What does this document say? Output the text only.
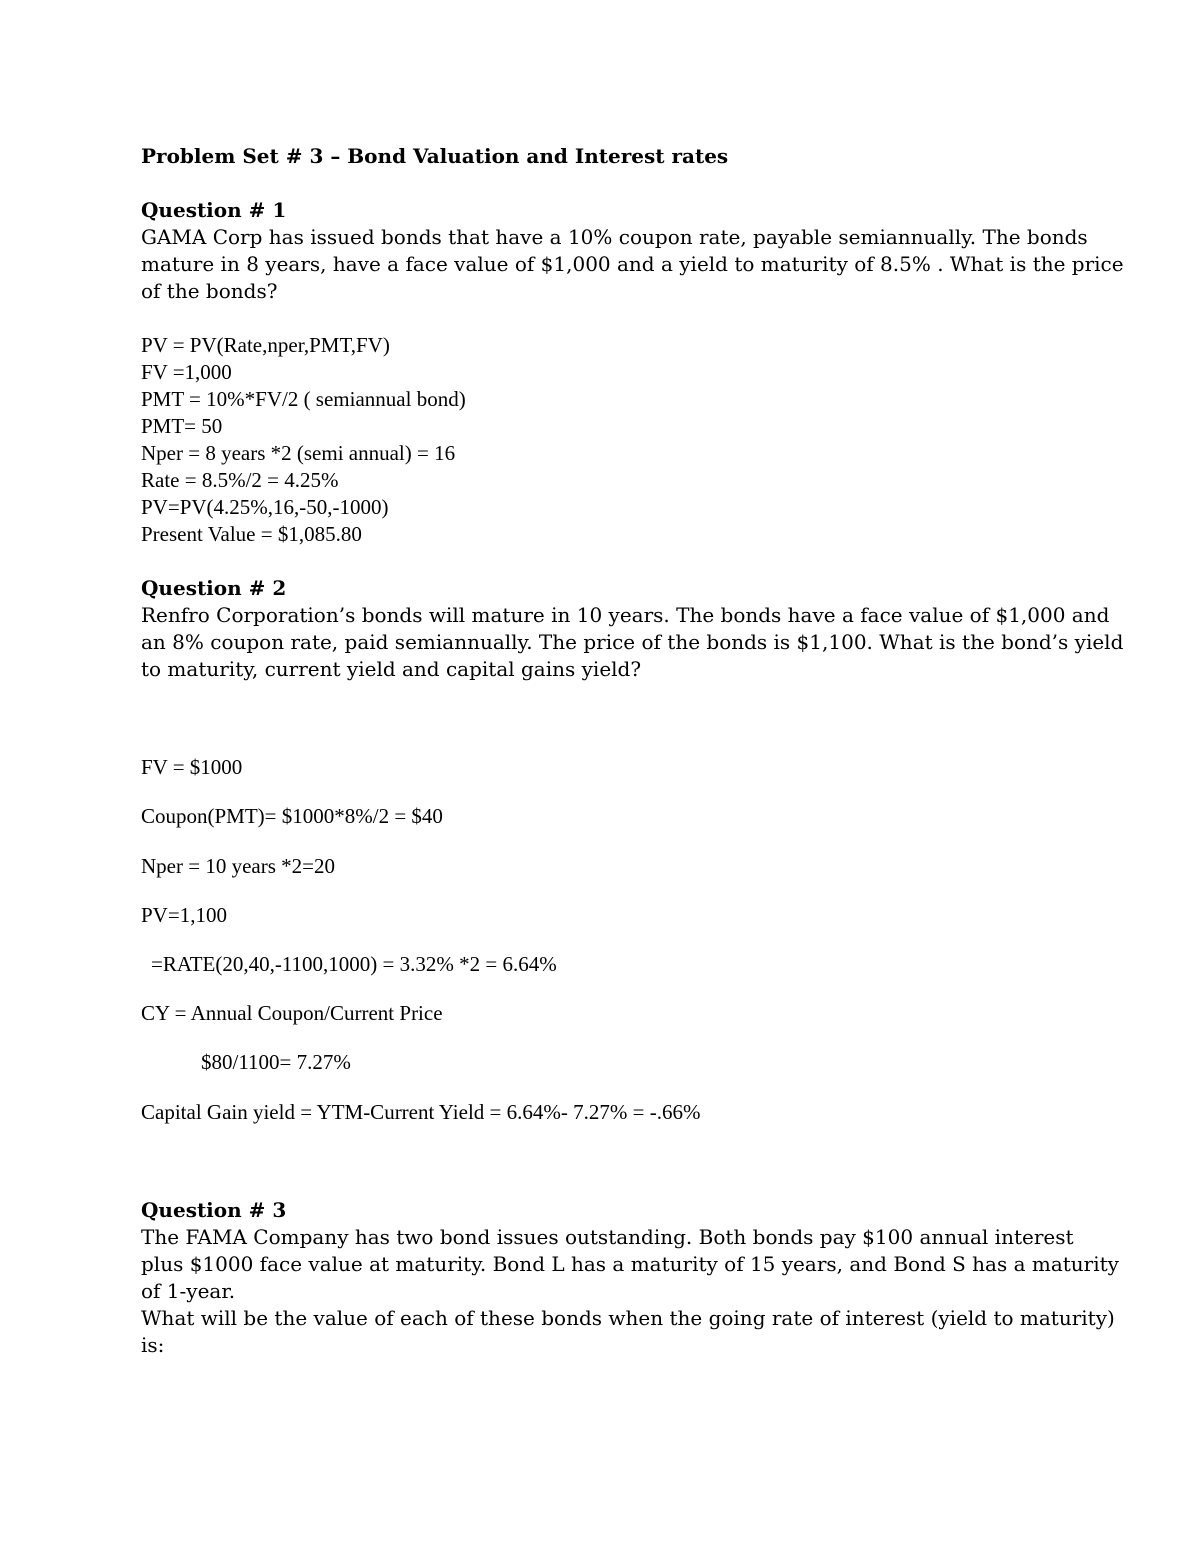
Problem Set # 3 – Bond Valuation and Interest rates
Question # 1
GAMA Corp has issued bonds that have a 10% coupon rate, payable semiannually. The bonds
mature in 8 years, have a face value of $1,000 and a yield to maturity of 8.5% . What is the price
of the bonds?
PV = PV(Rate,nper,PMT,FV)
FV =1,000
PMT = 10%*FV/2 ( semiannual bond)
PMT= 50
Nper = 8 years *2 (semi annual) = 16
Rate = 8.5%/2 = 4.25%
PV=PV(4.25%,16,-50,-1000)
Present Value = $1,085.80
Question # 2
Renfro Corporation’s bonds will mature in 10 years. The bonds have a face value of $1,000 and
an 8% coupon rate, paid semiannually. The price of the bonds is $1,100. What is the bond’s yield
to maturity, current yield and capital gains yield?
FV = $1000
Coupon(PMT)= $1000*8%/2 = $40
Nper = 10 years *2=20
PV=1,100
=RATE(20,40,-1100,1000) = 3.32% *2 = 6.64%
CY = Annual Coupon/Current Price
$80/1100= 7.27%
Capital Gain yield = YTM-Current Yield = 6.64%- 7.27% = -.66%
Question # 3
The FAMA Company has two bond issues outstanding. Both bonds pay $100 annual interest
plus $1000 face value at maturity. Bond L has a maturity of 15 years, and Bond S has a maturity
of 1-year.
What will be the value of each of these bonds when the going rate of interest (yield to maturity)
is:
